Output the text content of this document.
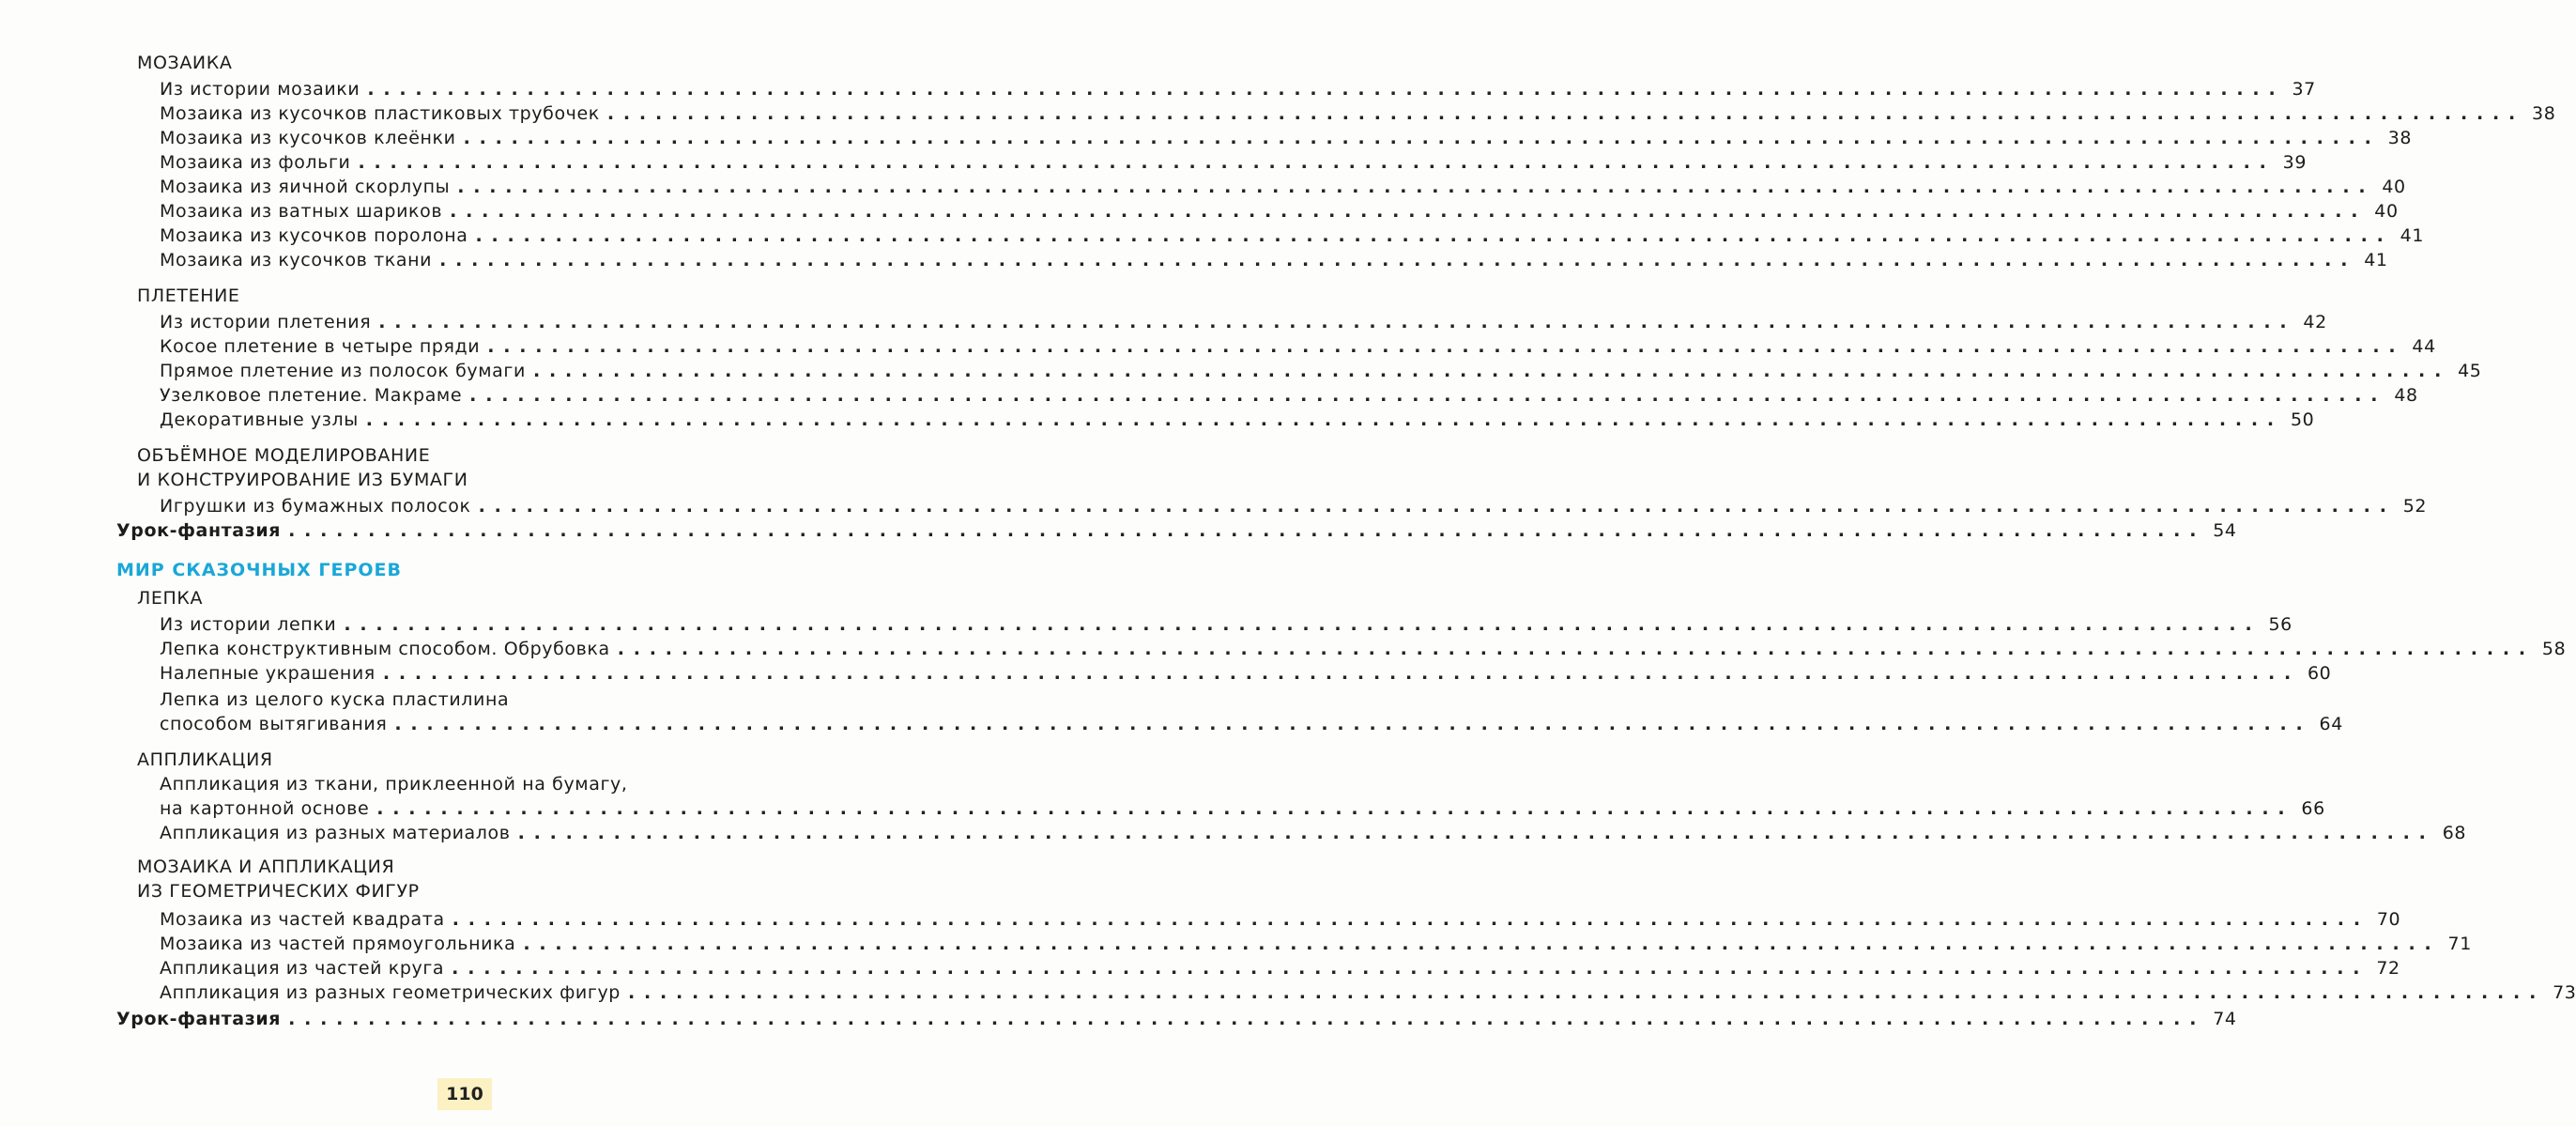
МОЗАИКА
Из истории мозаики ........................................................................................................................ 37
Мозаика из кусочков пластиковых трубочек ........................................................................................................................ 38
Мозаика из кусочков клеёнки ........................................................................................................................ 38
Мозаика из фольги ........................................................................................................................ 39
Мозаика из яичной скорлупы ........................................................................................................................ 40
Мозаика из ватных шариков ........................................................................................................................ 40
Мозаика из кусочков поролона ........................................................................................................................ 41
Мозаика из кусочков ткани ........................................................................................................................ 41
ПЛЕТЕНИЕ
Из истории плетения ........................................................................................................................ 42
Косое плетение в четыре пряди ........................................................................................................................ 44
Прямое плетение из полосок бумаги ........................................................................................................................ 45
Узелковое плетение. Макраме ........................................................................................................................ 48
Декоративные узлы ........................................................................................................................ 50
ОБЪЁМНОЕ МОДЕЛИРОВАНИЕ
И КОНСТРУИРОВАНИЕ ИЗ БУМАГИ
Игрушки из бумажных полосок ........................................................................................................................ 52
Урок-фантазия ........................................................................................................................ 54
МИР СКАЗОЧНЫХ ГЕРОЕВ
ЛЕПКА
Из истории лепки ........................................................................................................................ 56
Лепка конструктивным способом. Обрубовка ........................................................................................................................ 58
Налепные украшения ........................................................................................................................ 60
Лепка из целого куска пластилина
способом вытягивания ........................................................................................................................ 64
АППЛИКАЦИЯ
Аппликация из ткани, приклеенной на бумагу,
на картонной основе ........................................................................................................................ 66
Аппликация из разных материалов ........................................................................................................................ 68
МОЗАИКА И АППЛИКАЦИЯ
ИЗ ГЕОМЕТРИЧЕСКИХ ФИГУР
Мозаика из частей квадрата ........................................................................................................................ 70
Мозаика из частей прямоугольника ........................................................................................................................ 71
Аппликация из частей круга ........................................................................................................................ 72
Аппликация из разных геометрических фигур ........................................................................................................................ 73
Урок-фантазия ........................................................................................................................ 74
110
